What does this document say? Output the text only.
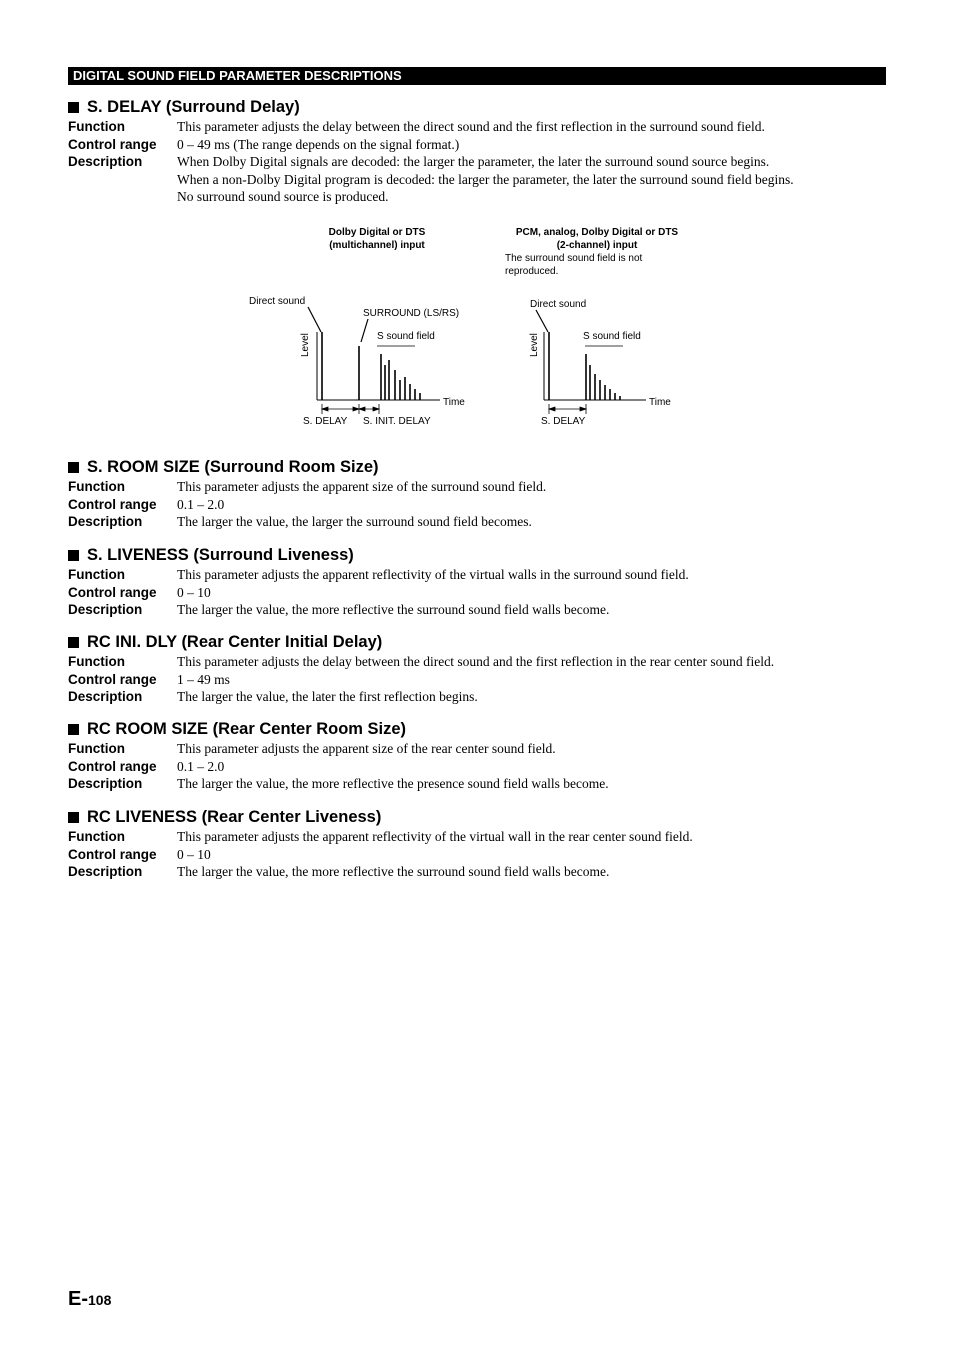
DIGITAL SOUND FIELD PARAMETER DESCRIPTIONS
S. DELAY (Surround Delay)
Function	This parameter adjusts the delay between the direct sound and the first reflection in the surround sound field.
Control range	0 – 49 ms (The range depends on the signal format.)
Description	When Dolby Digital signals are decoded: the larger the parameter, the later the surround sound source begins.
When a non-Dolby Digital program is decoded: the larger the parameter, the later the surround sound field begins.
No surround sound source is produced.
Dolby Digital or DTS
(multichannel) input
Direct sound
SURROUND (LS/RS)
S sound field
Level
Time
S. DELAY S. INIT. DELAY
PCM, analog, Dolby Digital or DTS
(2-channel) input
The surround sound field is not
reproduced.
Direct sound
S sound field
Level
Time
S. DELAY
S. ROOM SIZE (Surround Room Size)
Function	This parameter adjusts the apparent size of the surround sound field.
Control range	0.1 – 2.0
Description	The larger the value, the larger the surround sound field becomes.
S. LIVENESS (Surround Liveness)
Function	This parameter adjusts the apparent reflectivity of the virtual walls in the surround sound field.
Control range	0 – 10
Description	The larger the value, the more reflective the surround sound field walls become.
RC INI. DLY (Rear Center Initial Delay)
Function	This parameter adjusts the delay between the direct sound and the first reflection in the rear center sound field.
Control range	1 – 49 ms
Description	The larger the value, the later the first reflection begins.
RC ROOM SIZE (Rear Center Room Size)
Function	This parameter adjusts the apparent size of the rear center sound field.
Control range	0.1 – 2.0
Description	The larger the value, the more reflective the presence sound field walls become.
RC LIVENESS (Rear Center Liveness)
Function	This parameter adjusts the apparent reflectivity of the virtual wall in the rear center sound field.
Control range	0 – 10
Description	The larger the value, the more reflective the surround sound field walls become.
E-108
